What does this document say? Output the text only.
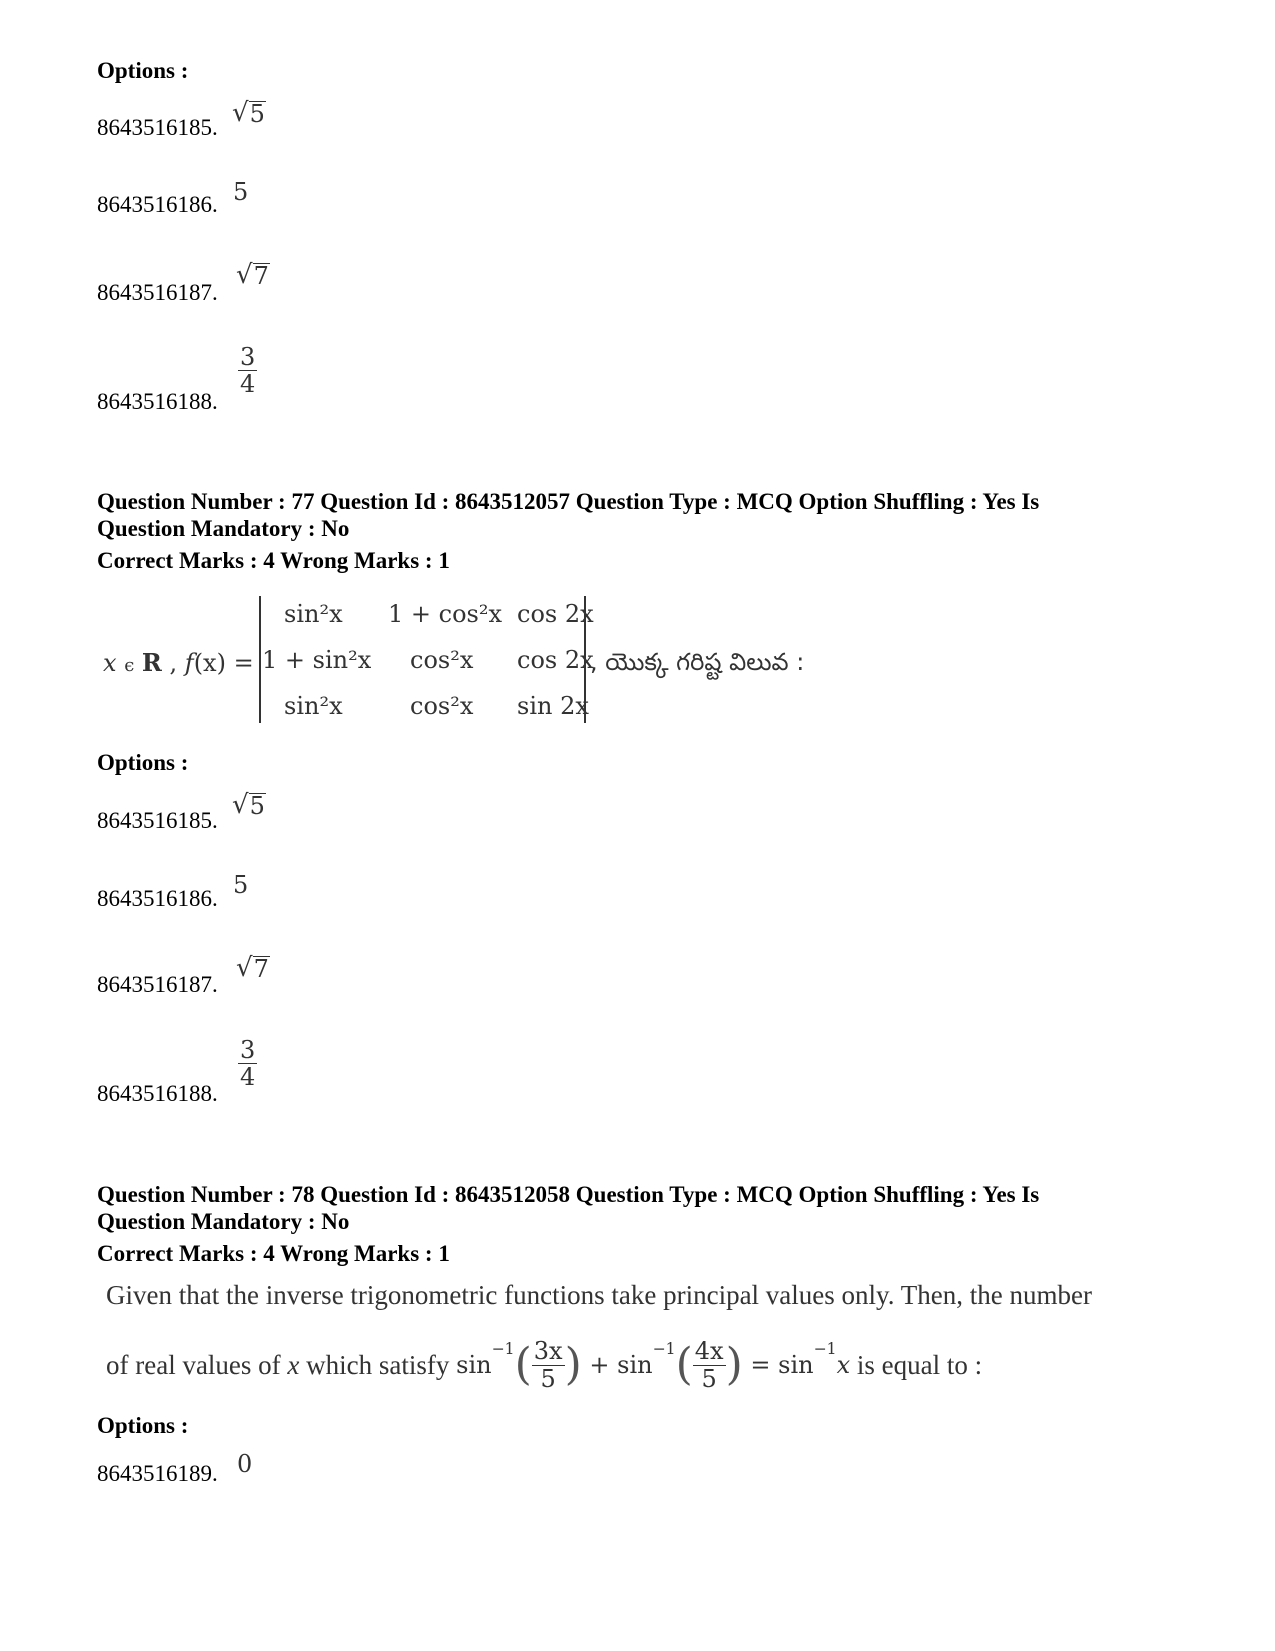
Options :
8643516185. √ 5
8643516186. 5
8643516187.
√ 7
8643516188.
$\frac{3}{4}$
Question Number : 77 Question Id : 8643512057 Question Type : MCQ Option Shuffling : Yes Is
Question Mandatory : No
Correct Marks : 4 Wrong Marks : 1
x ϵ R , f(x) =
sin²x 1 + cos²x cos 2x
1 + sin²x cos²x cos 2x
sin²x	cos²x sin 2x
, యొక్క గరిష్ట విలువ :
Options :
8643516185.
√ 5
8643516186. 5
8643516187.
√ 7
8643516188.
$\frac{3}{4}$
Question Number : 78 Question Id : 8643512058 Question Type : MCQ Option Shuffling : Yes Is
Question Mandatory : No
Correct Marks : 4 Wrong Marks : 1
Given that the inverse trigonometric functions take principal values only. Then, the number
of real values of
x
which satisfy
sin
$^{-1}$ ( $\frac{3x}{5}$ )
+
sin
$^{-1}$ ( $\frac{4x}{5}$ )
=
sin
$^{-1}$
x
is equal to :
Options :
8643516189. 0
